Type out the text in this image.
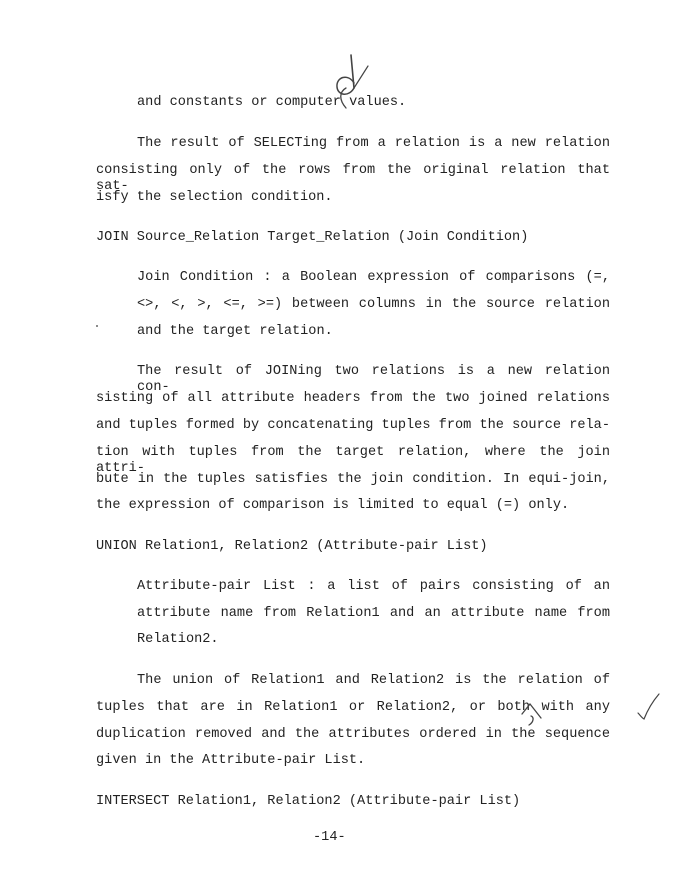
and constants or computer values.
The result of SELECTing from a relation is a new relation
consisting only of the rows from the original relation that sat-
isfy the selection condition.
JOIN Source_Relation Target_Relation (Join Condition)
Join Condition : a Boolean expression of comparisons (=,
<>, <, >, <=, >=) between columns in the source relation
and the target relation.
The result of JOINing two relations is a new relation con-
sisting of all attribute headers from the two joined relations
and tuples formed by concatenating tuples from the source rela-
tion with tuples from the target relation, where the join attri-
bute in the tuples satisfies the join condition. In equi-join,
the expression of comparison is limited to equal (=) only.
UNION Relation1, Relation2 (Attribute-pair List)
Attribute-pair List : a list of pairs consisting of an
attribute name from Relation1 and an attribute name from
Relation2.
The union of Relation1 and Relation2 is the relation of
tuples that are in Relation1 or Relation2, or both with any
duplication removed and the attributes ordered in the sequence
given in the Attribute-pair List.
INTERSECT Relation1, Relation2 (Attribute-pair List)
-14-
